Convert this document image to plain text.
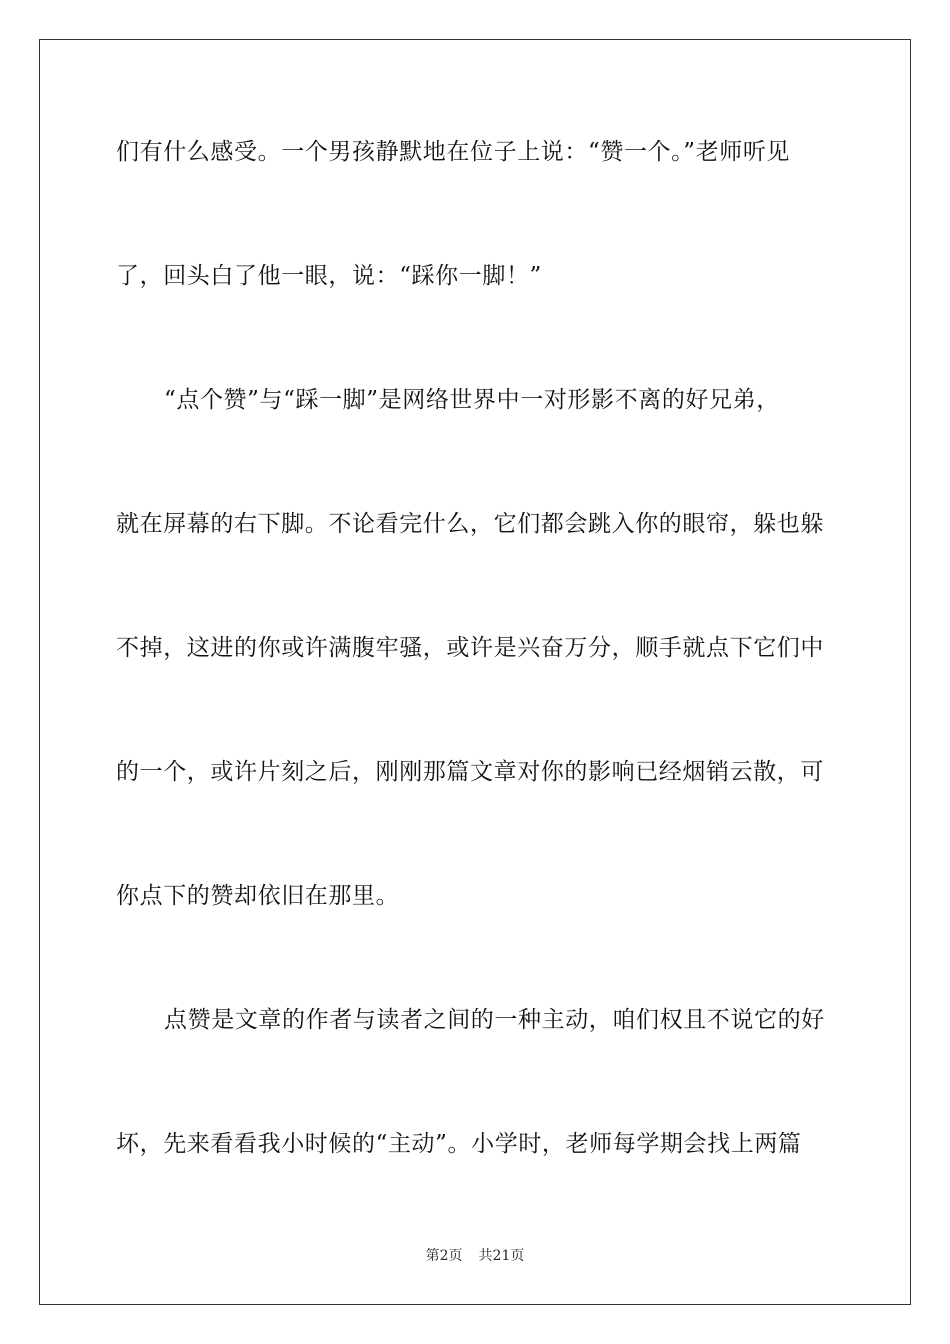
们有什么感受。一个男孩静默地在位子上说：“赞一个。”老师听见
了，回头白了他一眼，说：“踩你一脚！”
“点个赞”与“踩一脚”是网络世界中一对形影不离的好兄弟，
就在屏幕的右下脚。不论看完什么，它们都会跳入你的眼帘，躲也躲
不掉，这进的你或许满腹牢骚，或许是兴奋万分，顺手就点下它们中
的一个，或许片刻之后，刚刚那篇文章对你的影响已经烟销云散，可
你点下的赞却依旧在那里。
点赞是文章的作者与读者之间的一种主动，咱们权且不说它的好
坏，先来看看我小时候的“主动”。小学时，老师每学期会找上两篇
第2页 共21页
